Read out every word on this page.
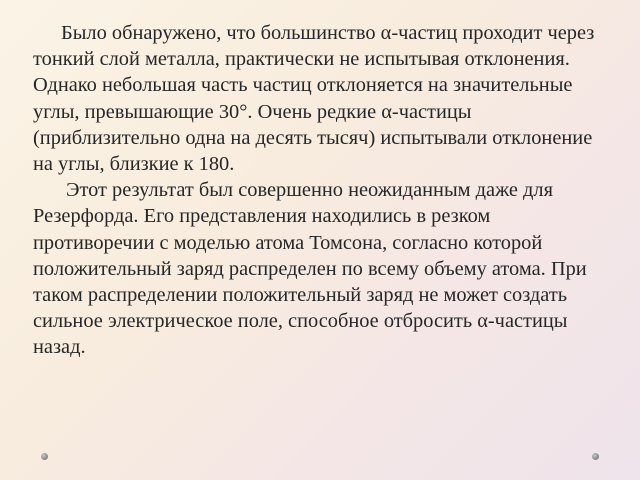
Было обнаружено, что большинство α-частиц проходит через тонкий слой металла, практически не испытывая отклонения. Однако небольшая часть частиц отклоняется на значительные углы, превышающие 30°. Очень редкие α-частицы (приблизительно одна на десять тысяч) испытывали отклонение на углы, близкие к 180.

Этот результат был совершенно неожиданным даже для Резерфорда. Его представления находились в резком противоречии с моделью атома Томсона, согласно которой положительный заряд распределен по всему объему атома. При таком распределении положительный заряд не может создать сильное электрическое поле, способное отбросить α-частицы назад.
